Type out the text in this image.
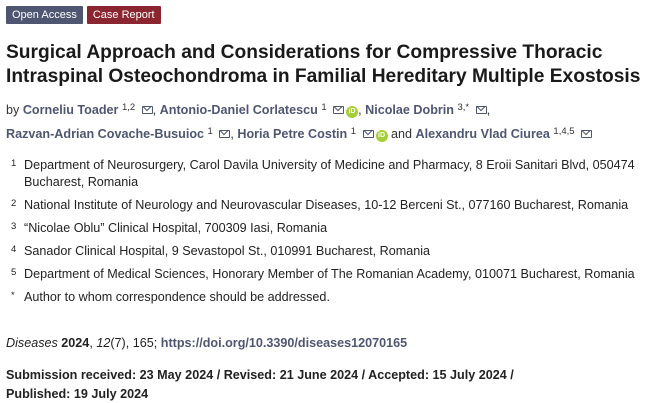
Open Access	Case Report
Surgical Approach and Considerations for Compressive Thoracic Intraspinal Osteochondroma in Familial Hereditary Multiple Exostosis
by Corneliu Toader $^{1,2}$ , Antonio-Daniel Corlatescu $^1$	iD , Nicolae Dobrin $^{3,*}$ ,
Razvan-Adrian Covache-Busuioc $^1$ , Horia Petre Costin $^1$	iD and Alexandru Vlad Ciurea $^{1,4,5}$
1 Department of Neurosurgery, Carol Davila University of Medicine and Pharmacy, 8 Eroii Sanitari Blvd, 050474 Bucharest, Romania
2 National Institute of Neurology and Neurovascular Diseases, 10-12 Berceni St., 077160 Bucharest, Romania
3 “Nicolae Oblu” Clinical Hospital, 700309 Iasi, Romania
4 Sanador Clinical Hospital, 9 Sevastopol St., 010991 Bucharest, Romania
5 Department of Medical Sciences, Honorary Member of The Romanian Academy, 010071 Bucharest, Romania
* Author to whom correspondence should be addressed.
Diseases 2024, 12(7), 165; https://doi.org/10.3390/diseases12070165
Submission received: 23 May 2024 / Revised: 21 June 2024 / Accepted: 15 July 2024 /
Published: 19 July 2024
